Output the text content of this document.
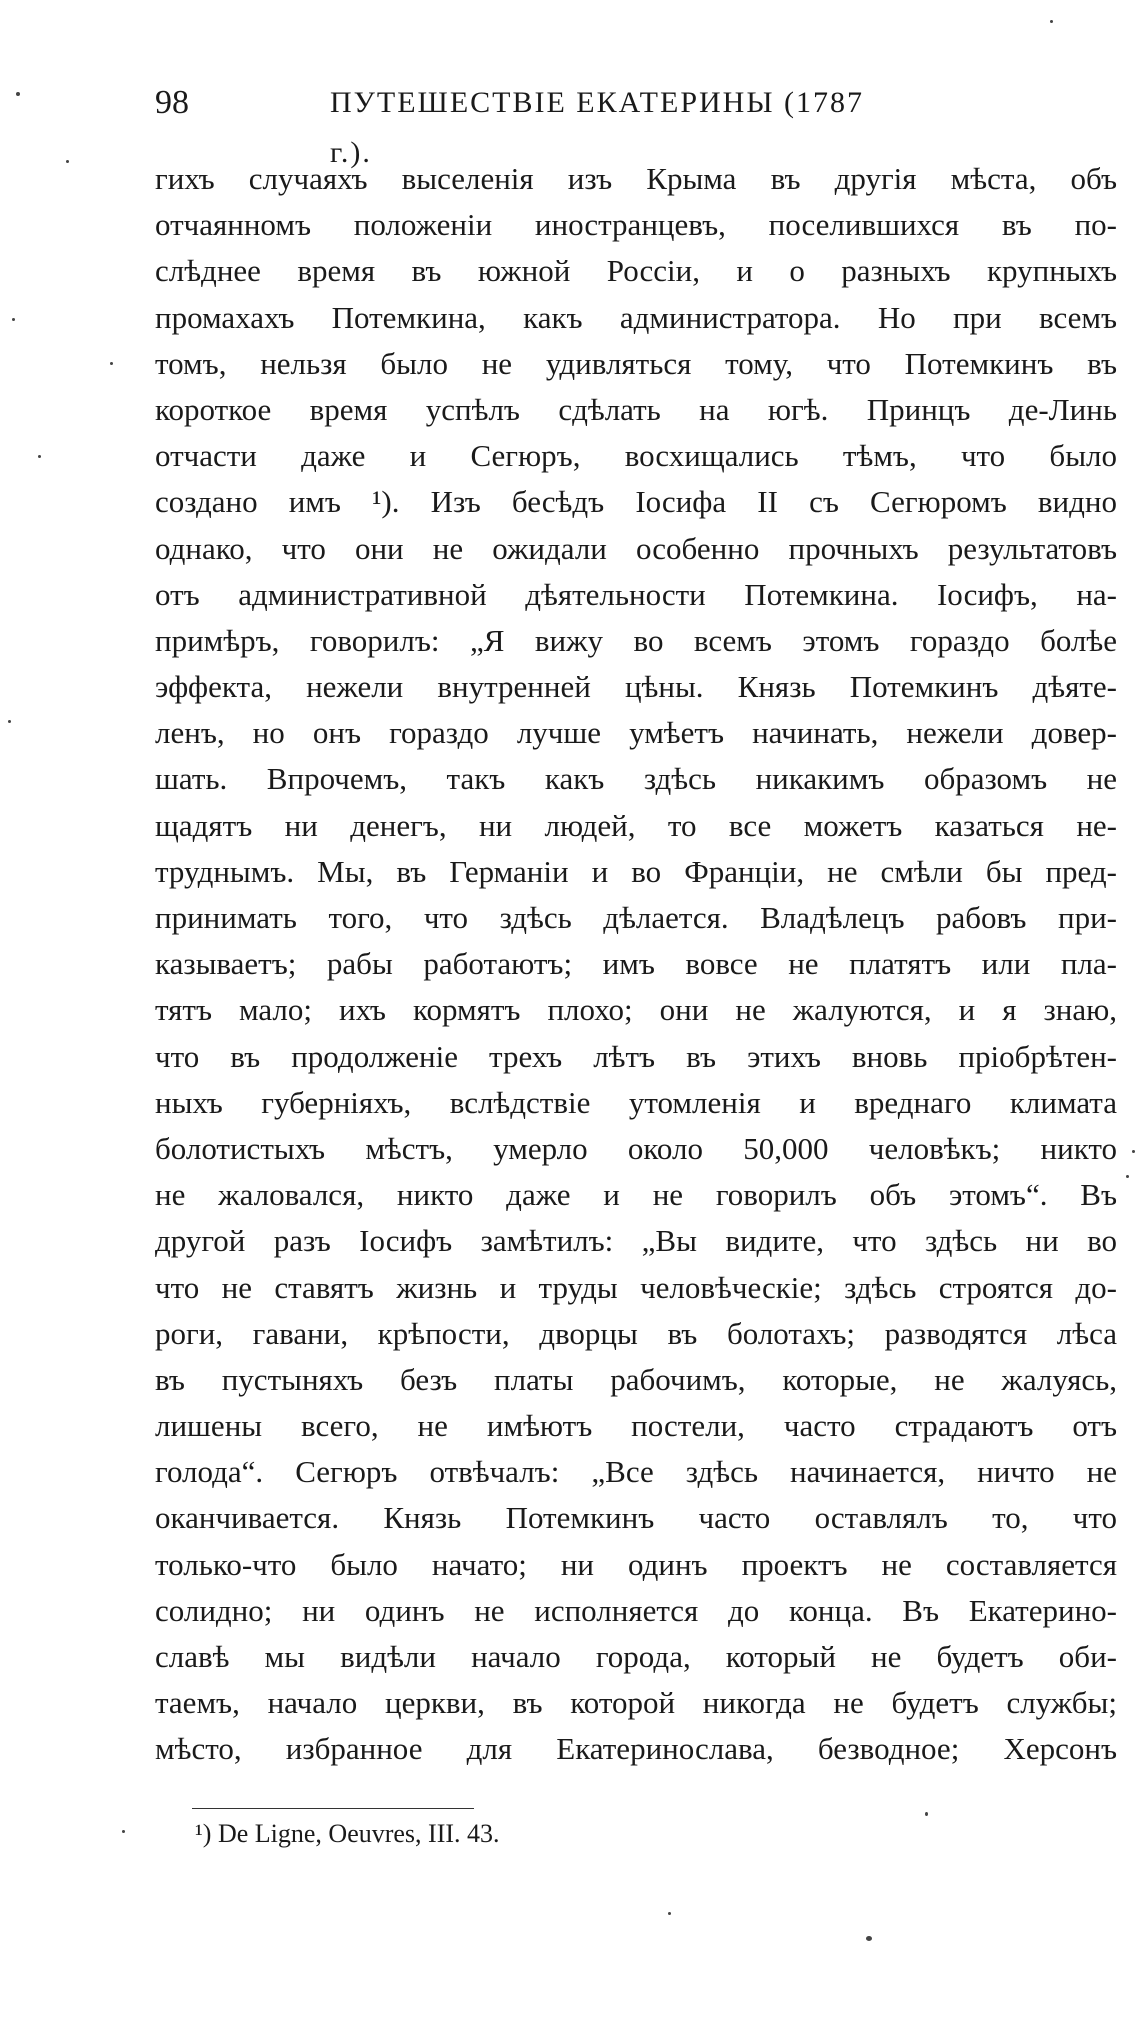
98	ПУТЕШЕСТВІЕ ЕКАТЕРИНЫ (1787 г.).
гихъ случаяхъ выселенія изъ Крыма въ другія мѣста, объ
отчаянномъ положеніи иностранцевъ, поселившихся въ по-
слѣднее время въ южной Россіи, и о разныхъ крупныхъ
промахахъ Потемкина, какъ администратора. Но при всемъ
томъ, нельзя было не удивляться тому, что Потемкинъ въ
короткое время успѣлъ сдѣлать на югѣ. Принцъ де-Линь
отчасти даже и Сегюръ, восхищались тѣмъ, что было
создано имъ ¹). Изъ бесѣдъ Іосифа II съ Сегюромъ видно
однако, что они не ожидали особенно прочныхъ результатовъ
отъ административной дѣятельности Потемкина. Іосифъ, на-
примѣръ, говорилъ: „Я вижу во всемъ этомъ гораздо болѣе
эффекта, нежели внутренней цѣны. Князь Потемкинъ дѣяте-
ленъ, но онъ гораздо лучше умѣетъ начинать, нежели довер-
шать. Впрочемъ, такъ какъ здѣсь никакимъ образомъ не
щадятъ ни денегъ, ни людей, то все можетъ казаться не-
труднымъ. Мы, въ Германіи и во Франціи, не смѣли бы пред-
принимать того, что здѣсь дѣлается. Владѣлецъ рабовъ при-
казываетъ; рабы работаютъ; имъ вовсе не платятъ или пла-
тятъ мало; ихъ кормятъ плохо; они не жалуются, и я знаю,
что въ продолженіе трехъ лѣтъ въ этихъ вновь пріобрѣтен-
ныхъ губерніяхъ, вслѣдствіе утомленія и вреднаго климата
болотистыхъ мѣстъ, умерло около 50,000 человѣкъ; никто
не жаловался, никто даже и не говорилъ объ этомъ“. Въ
другой разъ Іосифъ замѣтилъ: „Вы видите, что здѣсь ни во
что не ставятъ жизнь и труды человѣческіе; здѣсь строятся до-
роги, гавани, крѣпости, дворцы въ болотахъ; разводятся лѣса
въ пустыняхъ безъ платы рабочимъ, которые, не жалуясь,
лишены всего, не имѣютъ постели, часто страдаютъ отъ
голода“. Сегюръ отвѣчалъ: „Все здѣсь начинается, ничто не
оканчивается. Князь Потемкинъ часто оставлялъ то, что
только-что было начато; ни одинъ проектъ не составляется
солидно; ни одинъ не исполняется до конца. Въ Екатерино-
славѣ мы видѣли начало города, который не будетъ оби-
таемъ, начало церкви, въ которой никогда не будетъ службы;
мѣсто, избранное для Екатеринослава, безводное; Херсонъ
¹) De Ligne, Oeuvres, III. 43.
